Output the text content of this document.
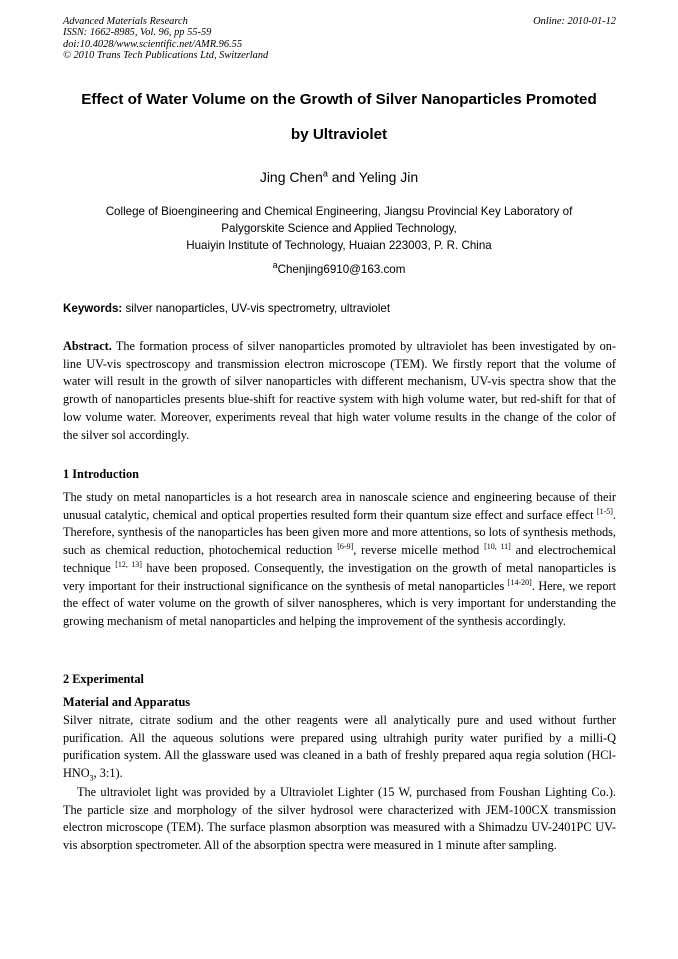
Advanced Materials Research
ISSN: 1662-8985, Vol. 96, pp 55-59
doi:10.4028/www.scientific.net/AMR.96.55
© 2010 Trans Tech Publications Ltd, Switzerland
Online: 2010-01-12
Effect of Water Volume on the Growth of Silver Nanoparticles Promoted
by Ultraviolet
Jing Chen$^a$ and Yeling Jin
College of Bioengineering and Chemical Engineering, Jiangsu Provincial Key Laboratory of
Palygorskite Science and Applied Technology,
Huaiyin Institute of Technology, Huaian 223003, P. R. China
$^a$Chenjing6910@163.com
Keywords: silver nanoparticles, UV-vis spectrometry, ultraviolet
Abstract. The formation process of silver nanoparticles promoted by ultraviolet has been investigated by on-line UV-vis spectroscopy and transmission electron microscope (TEM). We firstly report that the volume of water will result in the growth of silver nanoparticles with different mechanism, UV-vis spectra show that the growth of nanoparticles presents blue-shift for reactive system with high volume water, but red-shift for that of low volume water. Moreover, experiments reveal that high water volume results in the change of the color of the silver sol accordingly.
1 Introduction
The study on metal nanoparticles is a hot research area in nanoscale science and engineering because of their unusual catalytic, chemical and optical properties resulted form their quantum size effect and surface effect [1-5]. Therefore, synthesis of the nanoparticles has been given more and more attentions, so lots of synthesis methods, such as chemical reduction, photochemical reduction [6-9], reverse micelle method [10, 11] and electrochemical technique [12, 13] have been proposed. Consequently, the investigation on the growth of metal nanoparticles is very important for their instructional significance on the synthesis of metal nanoparticles [14-20]. Here, we report the effect of water volume on the growth of silver nanospheres, which is very important for understanding the growing mechanism of metal nanoparticles and helping the improvement of the synthesis accordingly.
2 Experimental
Material and Apparatus
Silver nitrate, citrate sodium and the other reagents were all analytically pure and used without further purification. All the aqueous solutions were prepared using ultrahigh purity water purified by a milli-Q purification system. All the glassware used was cleaned in a bath of freshly prepared aqua regia solution ($HCl-HNO_3$, 3:1).
The ultraviolet light was provided by a Ultraviolet Lighter (15 W, purchased from Foushan Lighting Co.). The particle size and morphology of the silver hydrosol were characterized with JEM-100CX transmission electron microscope (TEM). The surface plasmon absorption was measured with a Shimadzu UV-2401PC UV-vis absorption spectrometer. All of the absorption spectra were measured in 1 minute after sampling.
